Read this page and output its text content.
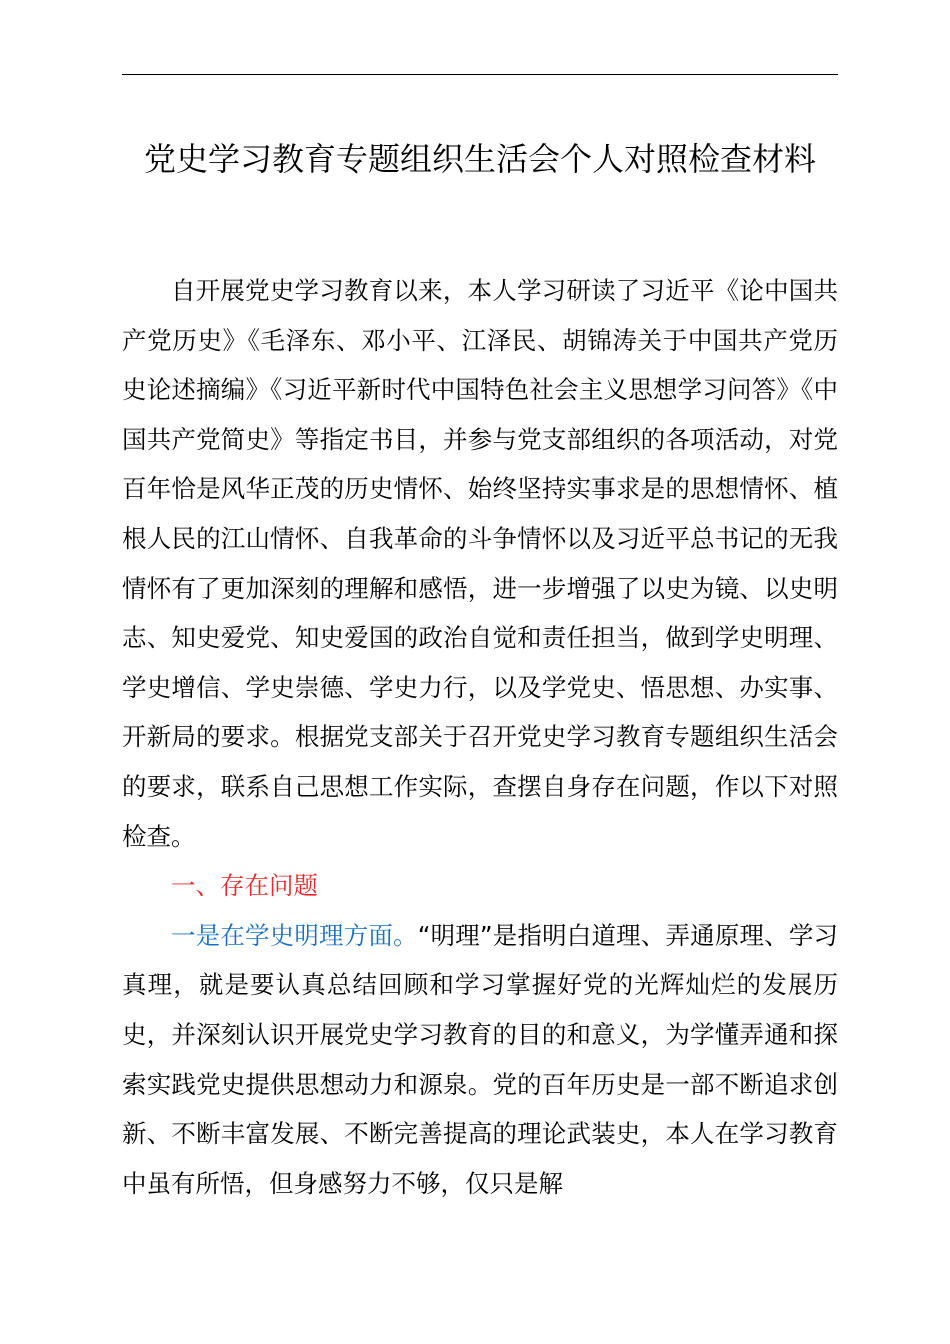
党史学习教育专题组织生活会个人对照检查材料

自开展党史学习教育以来，本人学习研读了习近平《论中国共产党历史》《毛泽东、邓小平、江泽民、胡锦涛关于中国共产党历史论述摘编》《习近平新时代中国特色社会主义思想学习问答》《中国共产党简史》等指定书目，并参与党支部组织的各项活动，对党百年恰是风华正茂的历史情怀、始终坚持实事求是的思想情怀、植根人民的江山情怀、自我革命的斗争情怀以及习近平总书记的无我情怀有了更加深刻的理解和感悟，进一步增强了以史为镜、以史明志、知史爱党、知史爱国的政治自觉和责任担当，做到学史明理、学史增信、学史崇德、学史力行，以及学党史、悟思想、办实事、开新局的要求。根据党支部关于召开党史学习教育专题组织生活会的要求，联系自己思想工作实际，查摆自身存在问题，作以下对照检查。

一、存在问题

一是在学史明理方面。“明理”是指明白道理、弄通原理、学习真理，就是要认真总结回顾和学习掌握好党的光辉灿烂的发展历史，并深刻认识开展党史学习教育的目的和意义，为学懂弄通和探索实践党史提供思想动力和源泉。党的百年历史是一部不断追求创新、不断丰富发展、不断完善提高的理论武装史，本人在学习教育中虽有所悟，但身感努力不够，仅只是解
